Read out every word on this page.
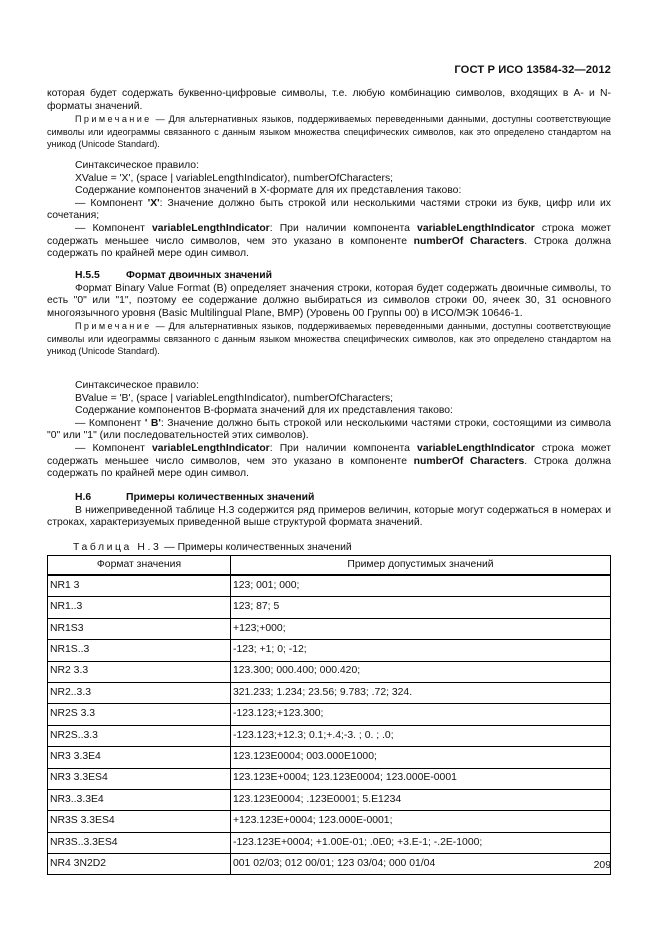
ГОСТ Р ИСО 13584-32—2012

которая будет содержать буквенно-цифровые символы, т.е. любую комбинацию символов, входящих в A- и N-форматы значений.

Примечание — Для альтернативных языков, поддерживаемых переведенными данными, доступны соответствующие символы или идеограммы связанного с данным языком множества специфических символов, как это определено стандартом на уникод (Unicode Standard).

Синтаксическое правило:

XValue = 'X', (space | variableLengthIndicator), numberOfCharacters;

Содержание компонентов значений в X-формате для их представления таково:

— Компонент 'X': Значение должно быть строкой или несколькими частями строки из букв, цифр или их сочетания;

— Компонент variableLengthIndicator: При наличии компонента variableLengthIndicator строка может содержать меньшее число символов, чем это указано в компоненте numberOf Characters. Строка должна содержать по крайней мере один символ.

H.5.5	Формат двоичных значений

Формат Binary Value Format (B) определяет значения строки, которая будет содержать двоичные символы, то есть "0" или "1", поэтому ее содержание должно выбираться из символов строки 00, ячеек 30, 31 основного многоязычного уровня (Basic Multilingual Plane, BMP) (Уровень 00 Группы 00) в ИСО/МЭК 10646-1.

Примечание — Для альтернативных языков, поддерживаемых переведенными данными, доступны соответствующие символы или идеограммы связанного с данным языком множества специфических символов, как это определено стандартом на уникод (Unicode Standard).

Синтаксическое правило:

BValue = 'B', (space | variableLengthIndicator), numberOfCharacters;

Содержание компонентов B-формата значений для их представления таково:

— Компонент ' B': Значение должно быть строкой или несколькими частями строки, состоящими из символа "0" или "1" (или последовательностей этих символов).

— Компонент variableLengthIndicator: При наличии компонента variableLengthIndicator строка может содержать меньшее число символов, чем это указано в компоненте numberOf Characters. Строка должна содержать по крайней мере один символ.

H.6	Примеры количественных значений

В нижеприведенной таблице H.3 содержится ряд примеров величин, которые могут содержаться в номерах и строках, характеризуемых приведенной выше структурой формата значений.

Таблица H.3 — Примеры количественных значений
Формат значения	Пример допустимых значений
NR1 3	123; 001; 000;
NR1..3	123; 87; 5
NR1S3	+123;+000;
NR1S..3	-123; +1; 0; -12;
NR2 3.3	123.300; 000.400; 000.420;
NR2..3.3	321.233; 1.234; 23.56; 9.783; .72; 324.
NR2S 3.3	-123.123;+123.300;
NR2S..3.3	-123.123;+12.3; 0.1;+.4;-3. ; 0. ; .0;
NR3 3.3E4	123.123E0004; 003.000E1000;
NR3 3.3ES4	123.123E+0004; 123.123E0004; 123.000E-0001
NR3..3.3E4	123.123E0004; .123E0001; 5.E1234
NR3S 3.3ES4	+123.123E+0004; 123.000E-0001;
NR3S..3.3ES4	-123.123E+0004; +1.00E-01; .0E0; +3.E-1; -.2E-1000;
NR4 3N2D2	001 02/03; 012 00/01; 123 03/04; 000 01/04	209
